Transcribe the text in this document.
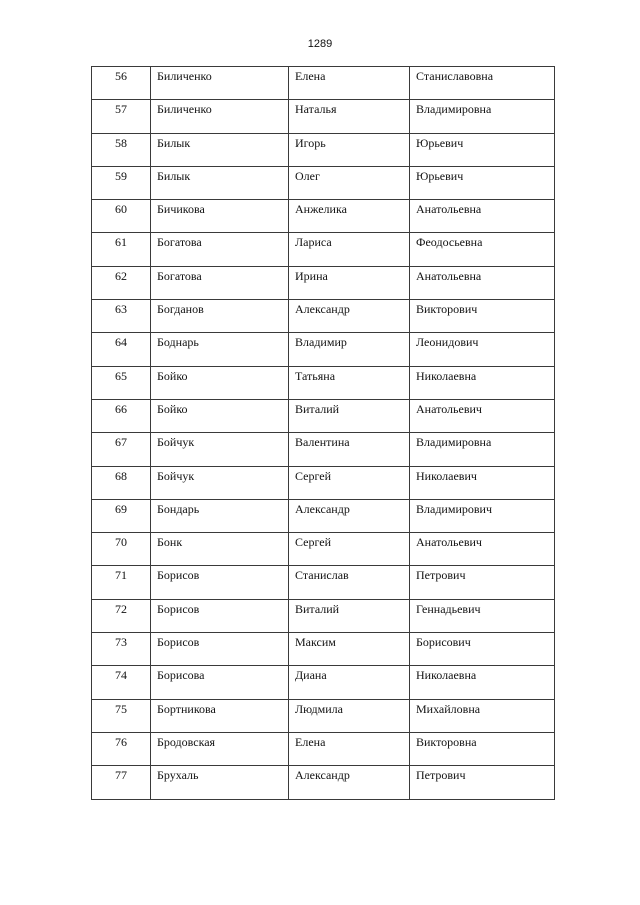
1289
56	Биличенко	Елена	Станиславовна
57	Биличенко	Наталья	Владимировна
58	Билык	Игорь	Юрьевич
59	Билык	Олег	Юрьевич
60	Бичикова	Анжелика	Анатольевна
61	Богатова	Лариса	Феодосьевна
62	Богатова	Ирина	Анатольевна
63	Богданов	Александр	Викторович
64	Боднарь	Владимир	Леонидович
65	Бойко	Татьяна	Николаевна
66	Бойко	Виталий	Анатольевич
67	Бойчук	Валентина	Владимировна
68	Бойчук	Сергей	Николаевич
69	Бондарь	Александр	Владимирович
70	Бонк	Сергей	Анатольевич
71	Борисов	Станислав	Петрович
72	Борисов	Виталий	Геннадьевич
73	Борисов	Максим	Борисович
74	Борисова	Диана	Николаевна
75	Бортникова	Людмила	Михайловна
76	Бродовская	Елена	Викторовна
77	Брухаль	Александр	Петрович
